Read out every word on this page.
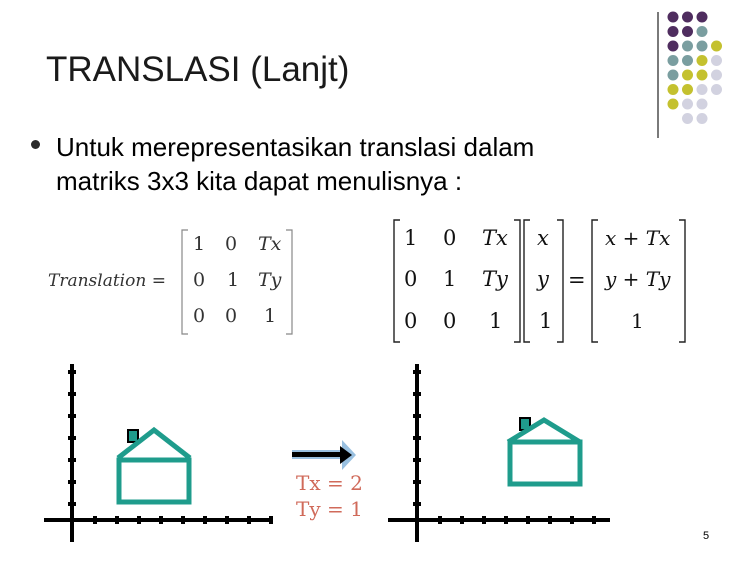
TRANSLASI (Lanjt)
Untuk merepresentasikan translasi dalam
matriks 3x3 kita dapat menulisnya :
Translation =
1 0 Tx
0 1 Ty
0 0 1
1 0 Tx
0 1 Ty
0 0 1
x
y
1
=
x + Tx
y + Ty
1
Tx = 2
Ty = 1
5
